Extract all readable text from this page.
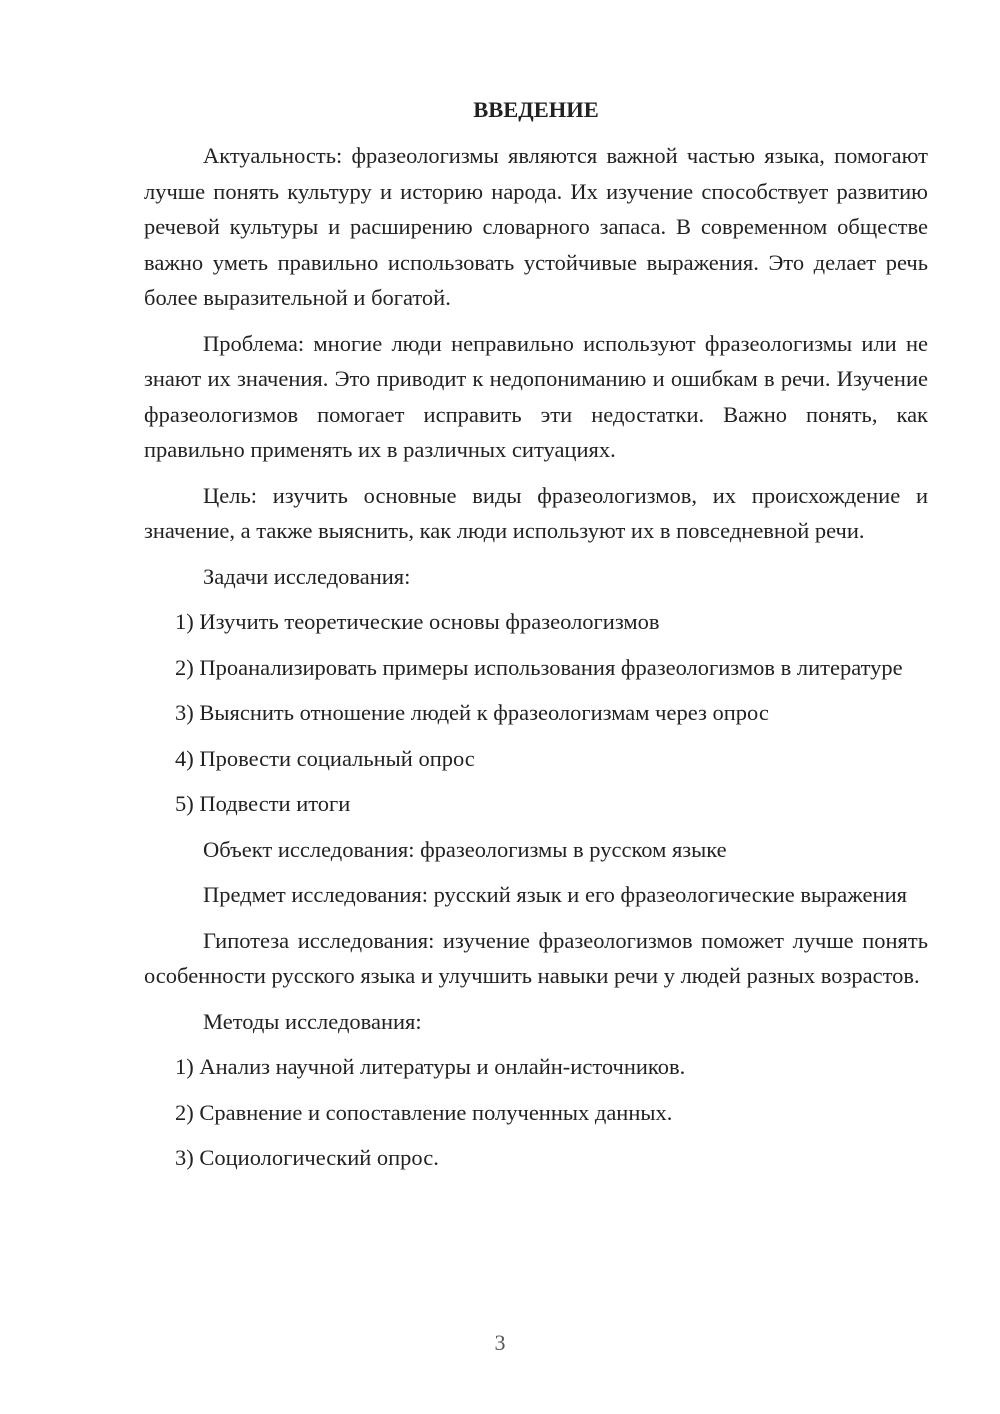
ВВЕДЕНИЕ

Актуальность: фразеологизмы являются важной частью языка, помогают лучше понять культуру и историю народа. Их изучение способствует развитию речевой культуры и расширению словарного запаса. В современном обществе важно уметь правильно использовать устойчивые выражения. Это делает речь более выразительной и богатой.

Проблема: многие люди неправильно используют фразеологизмы или не знают их значения. Это приводит к недопониманию и ошибкам в речи. Изучение фразеологизмов помогает исправить эти недостатки. Важно понять, как правильно применять их в различных ситуациях.

Цель: изучить основные виды фразеологизмов, их происхождение и значение, а также выяснить, как люди используют их в повседневной речи.

Задачи исследования:

1) Изучить теоретические основы фразеологизмов

2) Проанализировать примеры использования фразеологизмов в литературе

3) Выяснить отношение людей к фразеологизмам через опрос

4) Провести социальный опрос

5) Подвести итоги

Объект исследования: фразеологизмы в русском языке

Предмет исследования: русский язык и его фразеологические выражения

Гипотеза исследования: изучение фразеологизмов поможет лучше понять особенности русского языка и улучшить навыки речи у людей разных возрастов.

Методы исследования:

1) Анализ научной литературы и онлайн-источников.

2) Сравнение и сопоставление полученных данных.

3) Социологический опрос.

3
